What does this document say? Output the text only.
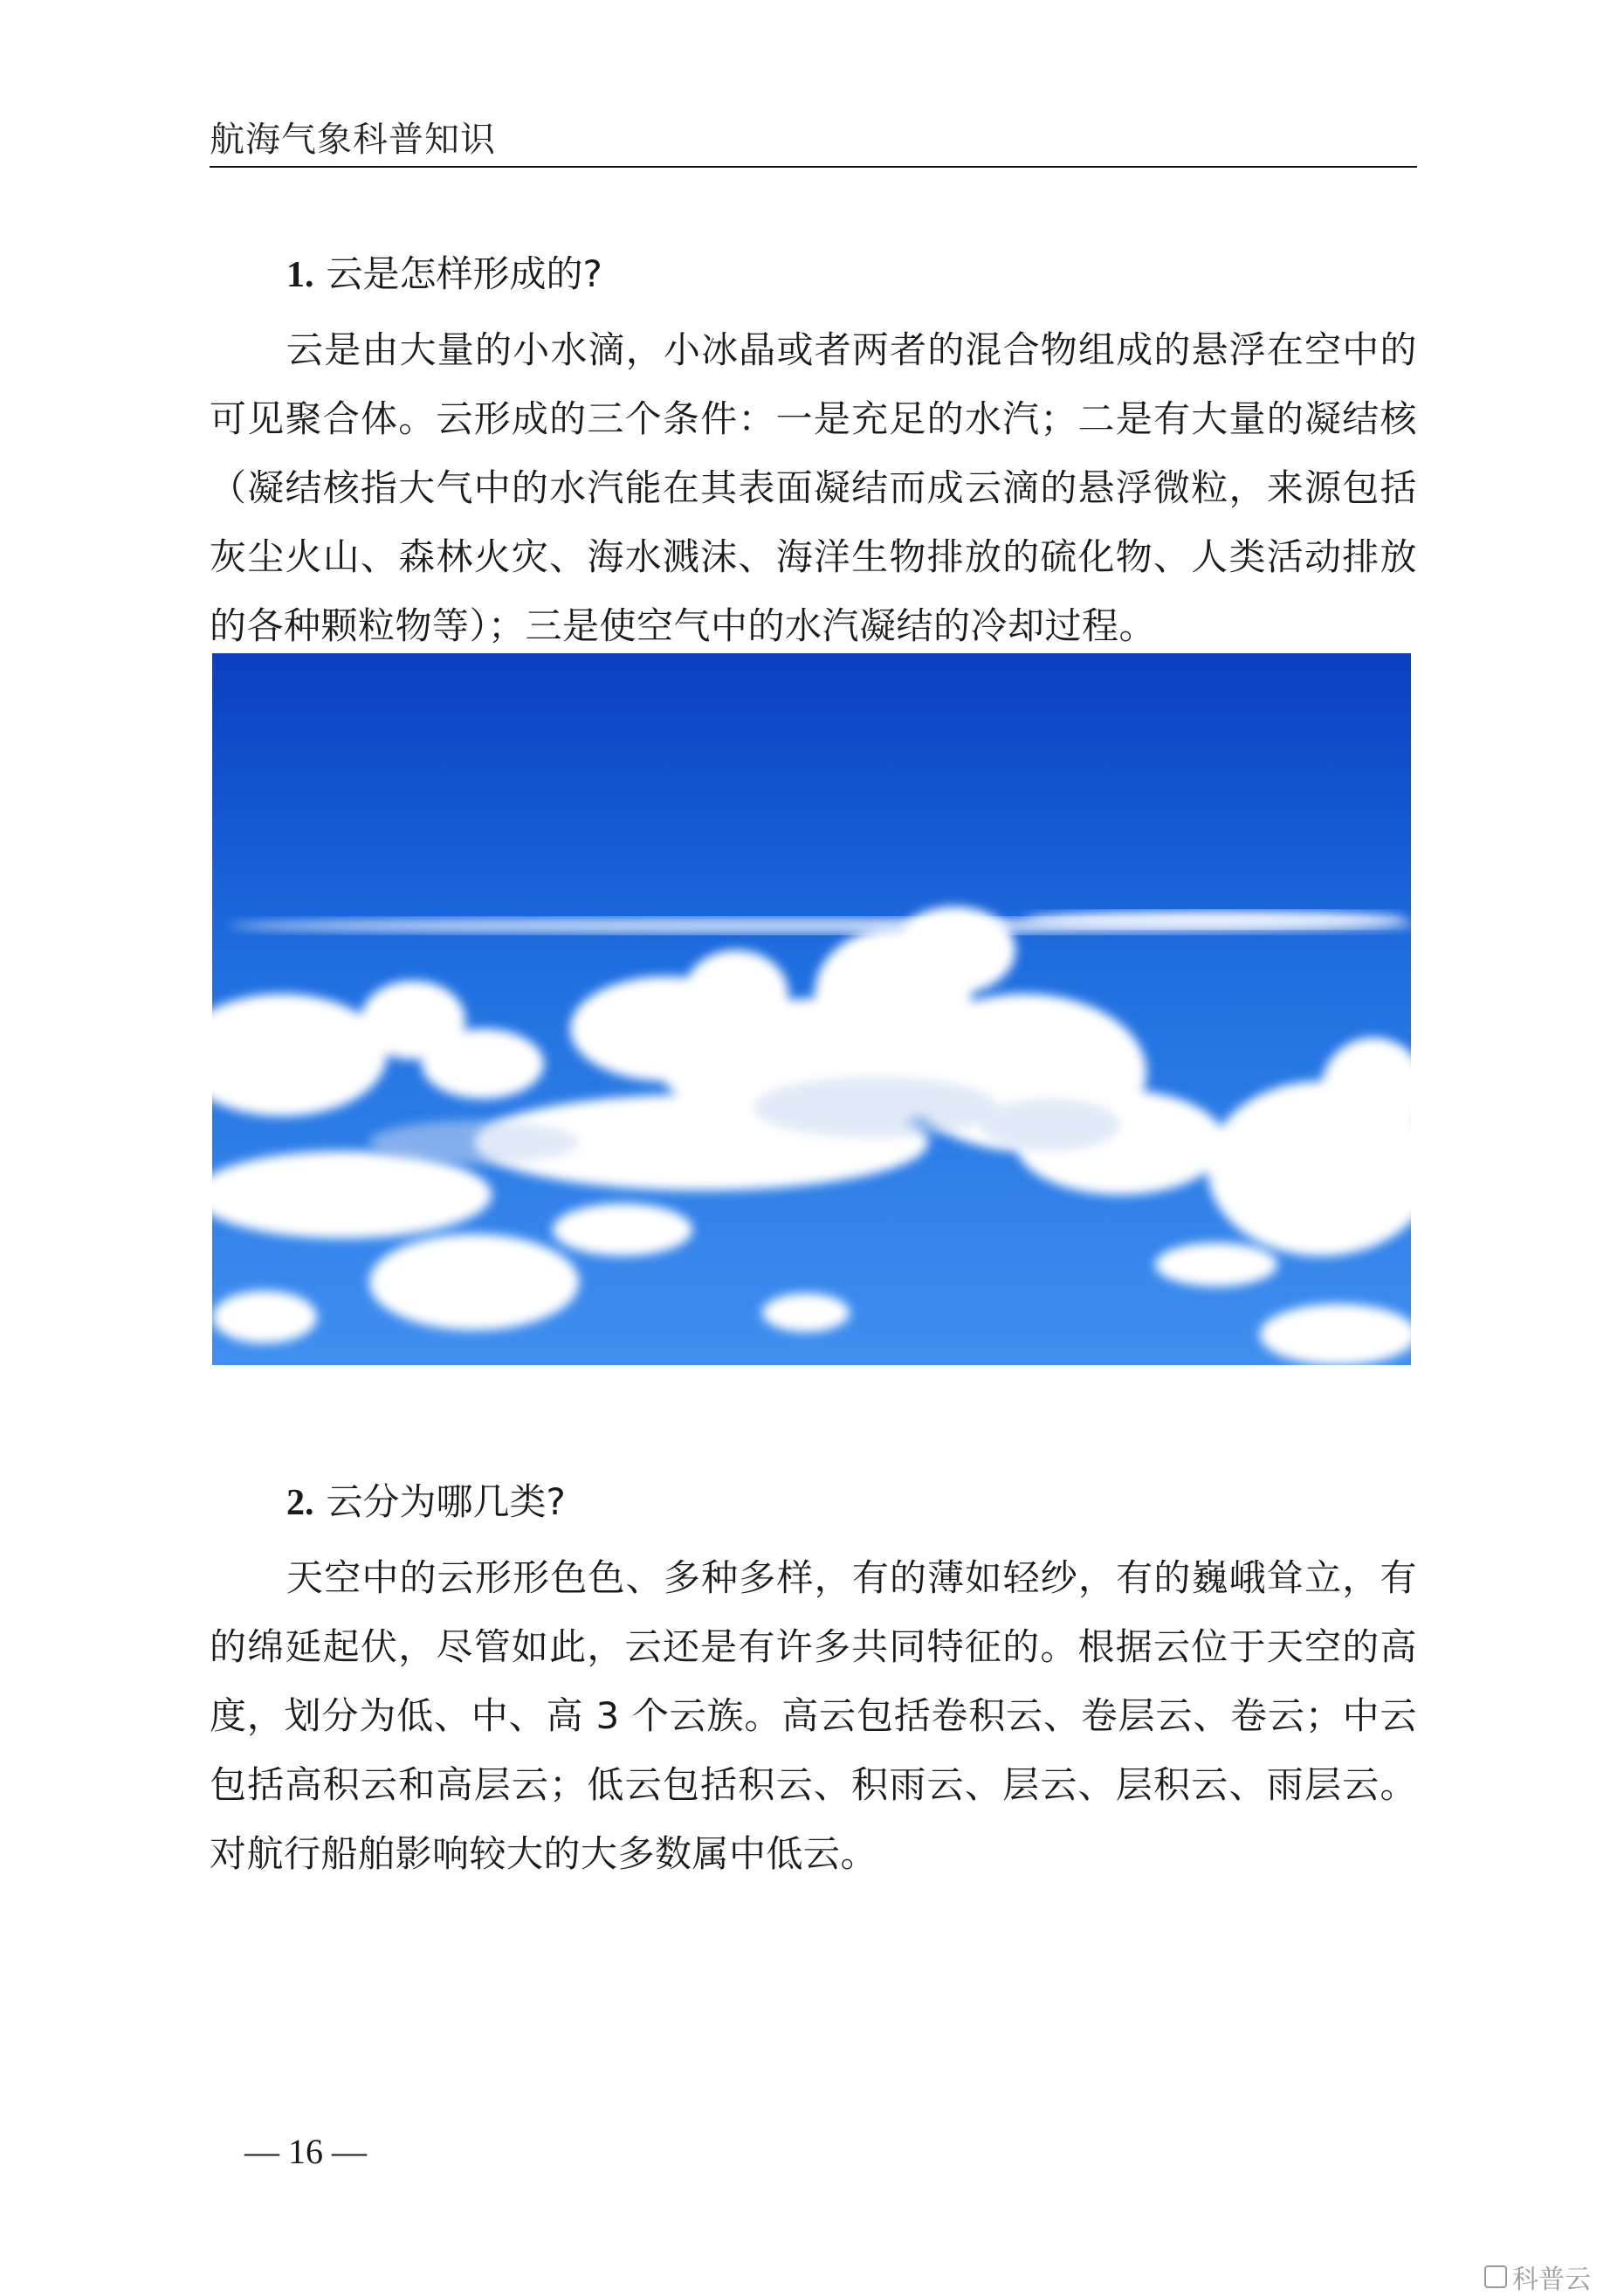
航海气象科普知识
1. 云是怎样形成的?

云是由大量的小水滴，小冰晶或者两者的混合物组成的悬浮在空中的可见聚合体。云形成的三个条件：一是充足的水汽；二是有大量的凝结核（凝结核指大气中的水汽能在其表面凝结而成云滴的悬浮微粒，来源包括灰尘火山、森林火灾、海水溅沫、海洋生物排放的硫化物、人类活动排放的各种颗粒物等）；三是使空气中的水汽凝结的冷却过程。

2. 云分为哪几类?

天空中的云形形色色、多种多样，有的薄如轻纱，有的巍峨耸立，有的绵延起伏，尽管如此，云还是有许多共同特征的。根据云位于天空的高度，划分为低、中、高 3 个云族。高云包括卷积云、卷层云、卷云；中云包括高积云和高层云；低云包括积云、积雨云、层云、层积云、雨层云。对航行船舶影响较大的大多数属中低云。

— 16 —
科普云
